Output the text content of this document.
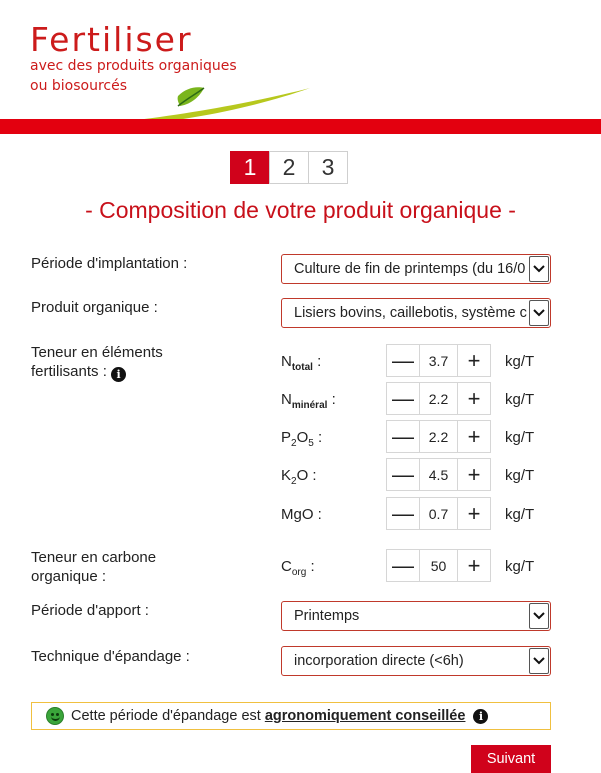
Fertiliser
avec des produits organiques
ou biosourcés
1	2	3
- Composition de votre produit organique -
Période d'implantation :	Culture de fin de printemps (du 16/0
Produit organique :	Lisiers bovins, caillebotis, système c
Teneur en éléments
fertilisants : i
$N_{total}$ :	—	3.7 +	kg/T
$N_{minéral}$ :	—	2.2 +	kg/T
$P_2O_5$ :	—	2.2 +	kg/T
$K_2O$ :	—	4.5 +	kg/T
MgO :	—	0.7 +	kg/T
Teneur en carbone
organique :
$C_{org}$ :	—	50 +	kg/T
Période d'apport :	Printemps
Technique d'épandage :	incorporation directe (<6h)
Cette période d'épandage est agronomiquement conseillée	i
Suivant
